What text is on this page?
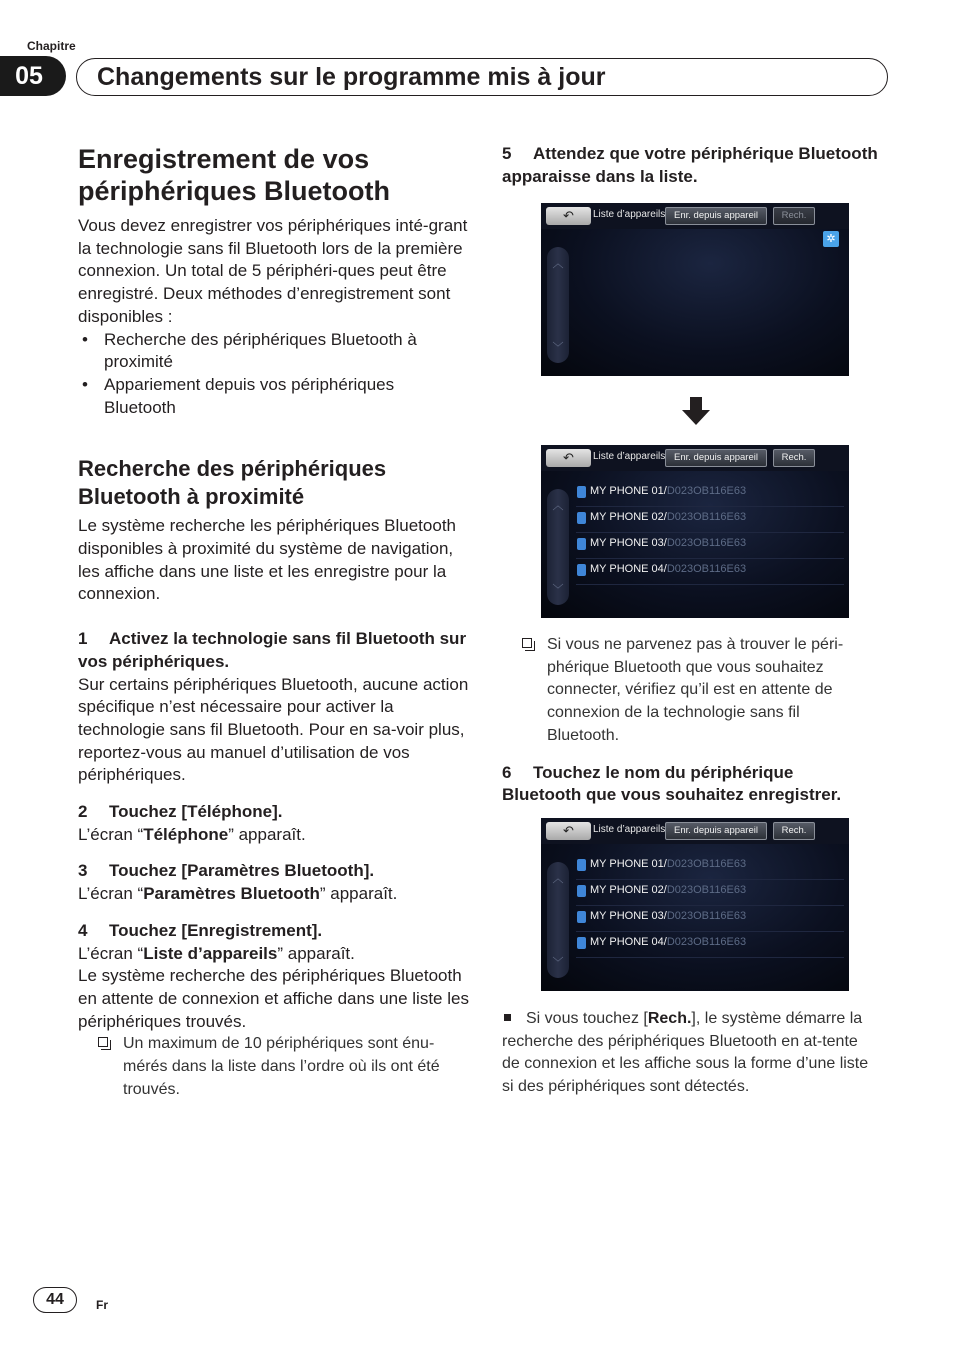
Chapitre
05	Changements sur le programme mis à jour
Enregistrement de vos périphériques Bluetooth

Vous devez enregistrer vos périphériques inté-grant la technologie sans fil Bluetooth lors de la première connexion. Un total de 5 périphéri-ques peut être enregistré. Deux méthodes d’enregistrement sont disponibles :

• Recherche des périphériques Bluetooth à proximité
• Appariement depuis vos périphériques Bluetooth
Recherche des périphériques Bluetooth à proximité

Le système recherche les périphériques Bluetooth disponibles à proximité du système de navigation, les affiche dans une liste et les enregistre pour la connexion.

1 Activez la technologie sans fil Bluetooth sur vos périphériques.

Sur certains périphériques Bluetooth, aucune action spécifique n’est nécessaire pour activer la technologie sans fil Bluetooth. Pour en sa-voir plus, reportez-vous au manuel d’utilisation de vos périphériques.

2 Touchez [Téléphone].

L’écran “Téléphone” apparaît.

3 Touchez [Paramètres Bluetooth].

L’écran “Paramètres Bluetooth” apparaît.

4 Touchez [Enregistrement].

L’écran “Liste d’appareils” apparaît.

Le système recherche des périphériques Bluetooth en attente de connexion et affiche dans une liste les périphériques trouvés.

Un maximum de 10 périphériques sont énu-mérés dans la liste dans l’ordre où ils ont été trouvés.

5 Attendez que votre périphérique Bluetooth apparaisse dans la liste.

↶	Liste d’appareils Enr. depuis appareil	Rech.
✲
︿
﹀
↶	Liste d’appareils Enr. depuis appareil	Rech.
︿
﹀
MY PHONE 01/D023OB116E63
MY PHONE 02/D023OB116E63
MY PHONE 03/D023OB116E63
MY PHONE 04/D023OB116E63
Si vous ne parvenez pas à trouver le péri-phérique Bluetooth que vous souhaitez connecter, vérifiez qu’il est en attente de connexion de la technologie sans fil Bluetooth.

6 Touchez le nom du périphérique Bluetooth que vous souhaitez enregistrer.

↶	Liste d’appareils Enr. depuis appareil	Rech.
︿
﹀
MY PHONE 01/D023OB116E63
MY PHONE 02/D023OB116E63
MY PHONE 03/D023OB116E63
MY PHONE 04/D023OB116E63

Si vous touchez [Rech.], le système démarre la recherche des périphériques Bluetooth en at-tente de connexion et les affiche sous la forme d’une liste si des périphériques sont détectés.

44	Fr
